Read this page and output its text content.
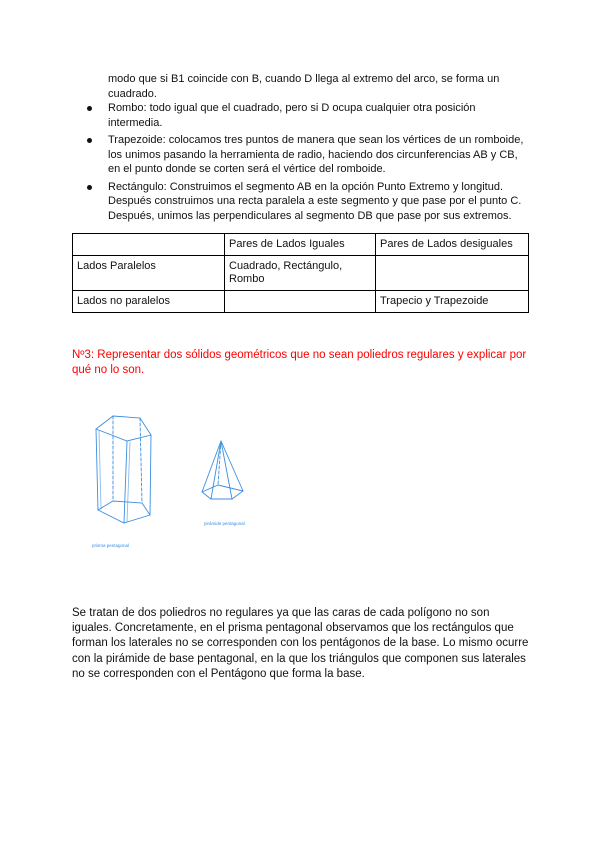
modo que si B1 coincide con B, cuando D llega al extremo del arco, se forma un cuadrado.

Rombo: todo igual que el cuadrado, pero si D ocupa cualquier otra posición intermedia.
Trapezoide: colocamos tres puntos de manera que sean los vértices de un romboide, los unimos pasando la herramienta de radio, haciendo dos circunferencias AB y CB, en el punto donde se corten será el vértice del romboide.
Rectángulo: Construimos el segmento AB en la opción Punto Extremo y longitud. Después construimos una recta paralela a este segmento y que pase por el punto C. Después, unimos las perpendiculares al segmento DB que pase por sus extremos.
	Pares de Lados Iguales	Pares de Lados desiguales
Lados Paralelos	Cuadrado, Rectángulo, Rombo	
Lados no paralelos		Trapecio y Trapezoide

Nº3: Representar dos sólidos geométricos que no sean poliedros regulares y explicar por qué no lo son.

prisma pentagonal
pirámide pentagonal

Se tratan de dos poliedros no regulares ya que las caras de cada polígono no son iguales. Concretamente, en el prisma pentagonal observamos que los rectángulos que forman los laterales no se corresponden con los pentágonos de la base. Lo mismo ocurre con la pirámide de base pentagonal, en la que los triángulos que componen sus laterales no se corresponden con el Pentágono que forma la base.
